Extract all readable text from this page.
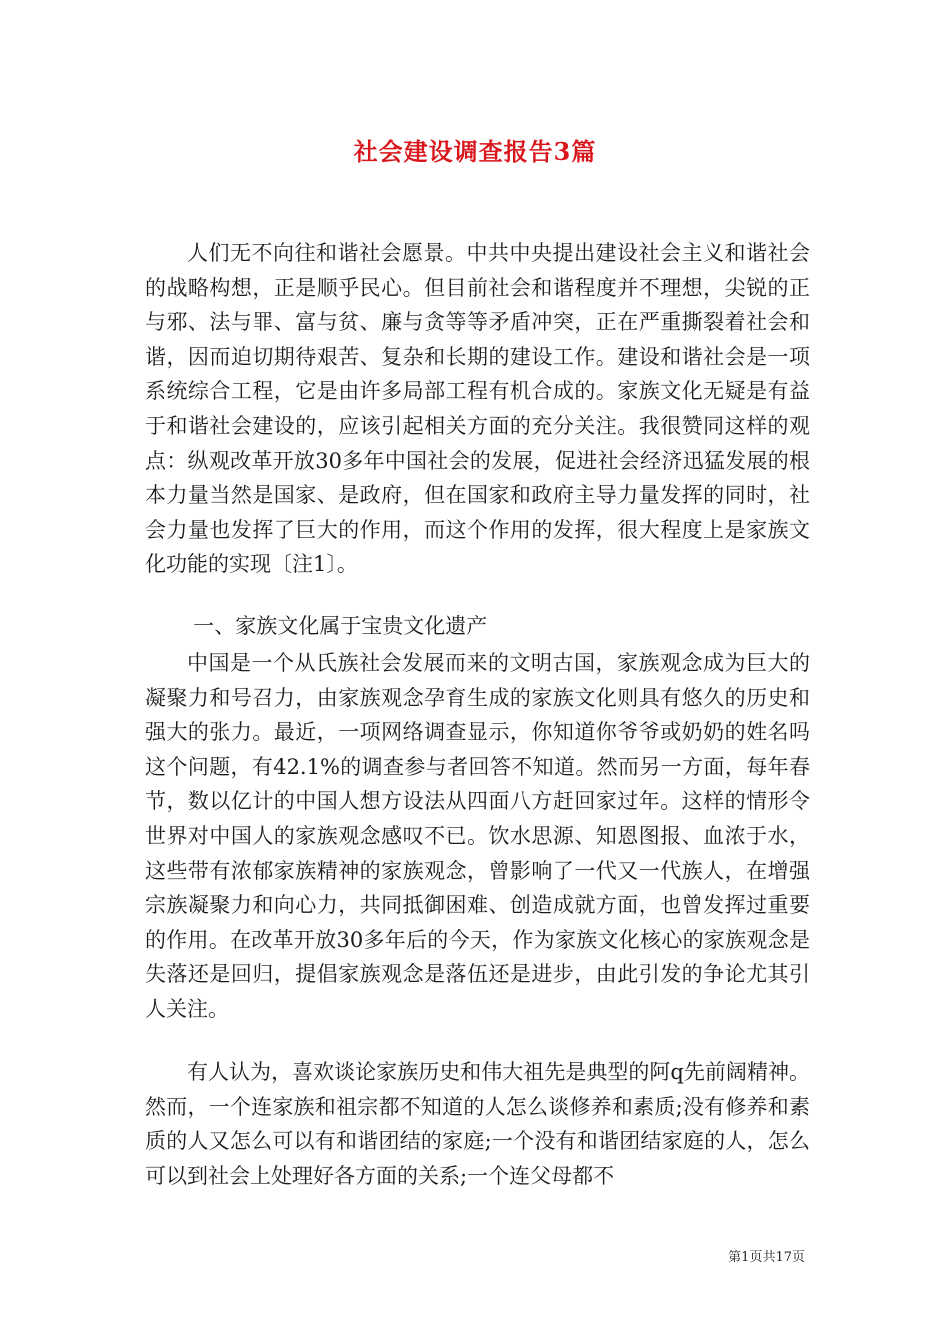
社会建设调查报告3篇

人们无不向往和谐社会愿景。中共中央提出建设社会主义和谐社会的战略构想，正是顺乎民心。但目前社会和谐程度并不理想，尖锐的正与邪、法与罪、富与贫、廉与贪等等矛盾冲突，正在严重撕裂着社会和谐，因而迫切期待艰苦、复杂和长期的建设工作。建设和谐社会是一项系统综合工程，它是由许多局部工程有机合成的。家族文化无疑是有益于和谐社会建设的，应该引起相关方面的充分关注。我很赞同这样的观点：纵观改革开放30多年中国社会的发展，促进社会经济迅猛发展的根本力量当然是国家、是政府，但在国家和政府主导力量发挥的同时，社会力量也发挥了巨大的作用，而这个作用的发挥，很大程度上是家族文化功能的实现〔注1〕。

一、家族文化属于宝贵文化遗产

中国是一个从氏族社会发展而来的文明古国，家族观念成为巨大的凝聚力和号召力，由家族观念孕育生成的家族文化则具有悠久的历史和强大的张力。最近，一项网络调查显示，你知道你爷爷或奶奶的姓名吗这个问题，有42.1%的调查参与者回答不知道。然而另一方面，每年春节，数以亿计的中国人想方设法从四面八方赶回家过年。这样的情形令世界对中国人的家族观念感叹不已。饮水思源、知恩图报、血浓于水，这些带有浓郁家族精神的家族观念，曾影响了一代又一代族人，在增强宗族凝聚力和向心力，共同抵御困难、创造成就方面，也曾发挥过重要的作用。在改革开放30多年后的今天，作为家族文化核心的家族观念是失落还是回归，提倡家族观念是落伍还是进步，由此引发的争论尤其引人关注。

有人认为，喜欢谈论家族历史和伟大祖先是典型的阿q先前阔精神。然而，一个连家族和祖宗都不知道的人怎么谈修养和素质;没有修养和素质的人又怎么可以有和谐团结的家庭;一个没有和谐团结家庭的人，怎么可以到社会上处理好各方面的关系;一个连父母都不

第1页共17页
